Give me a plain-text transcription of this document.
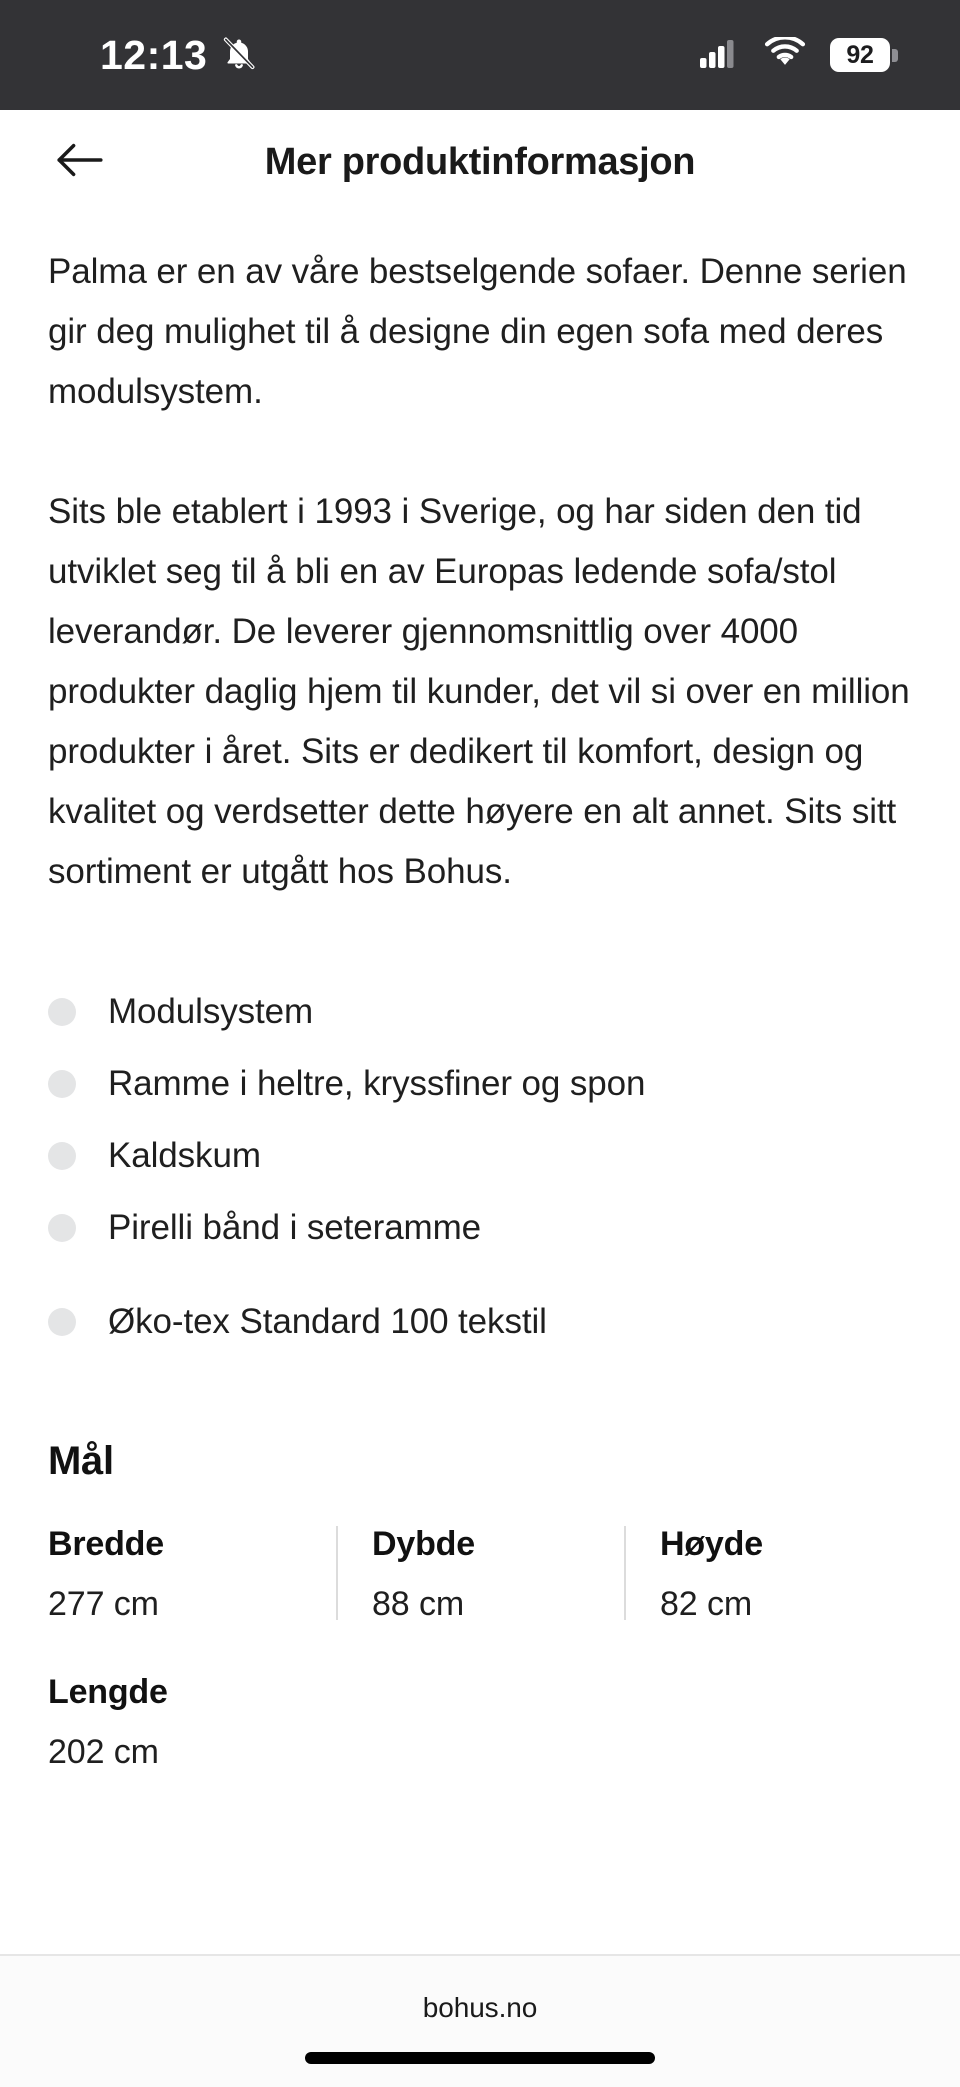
12:13	92
Mer produktinformasjon

Palma er en av våre bestselgende sofaer. Denne serien gir deg mulighet til å designe din egen sofa med deres modulsystem.

Sits ble etablert i 1993 i Sverige, og har siden den tid utviklet seg til å bli en av Europas ledende sofa/stol leverandør. De leverer gjennomsnittlig over 4000 produkter daglig hjem til kunder, det vil si over en million produkter i året. Sits er dedikert til komfort, design og kvalitet og verdsetter dette høyere en alt annet. Sits sitt sortiment er utgått hos Bohus.

Modulsystem
Ramme i heltre, kryssfiner og spon
Kaldskum
Pirelli bånd i seteramme
Øko-tex Standard 100 tekstil
Mål
Bredde
277 cm
Dybde
88 cm
Høyde
82 cm
Lengde
202 cm
bohus.no
